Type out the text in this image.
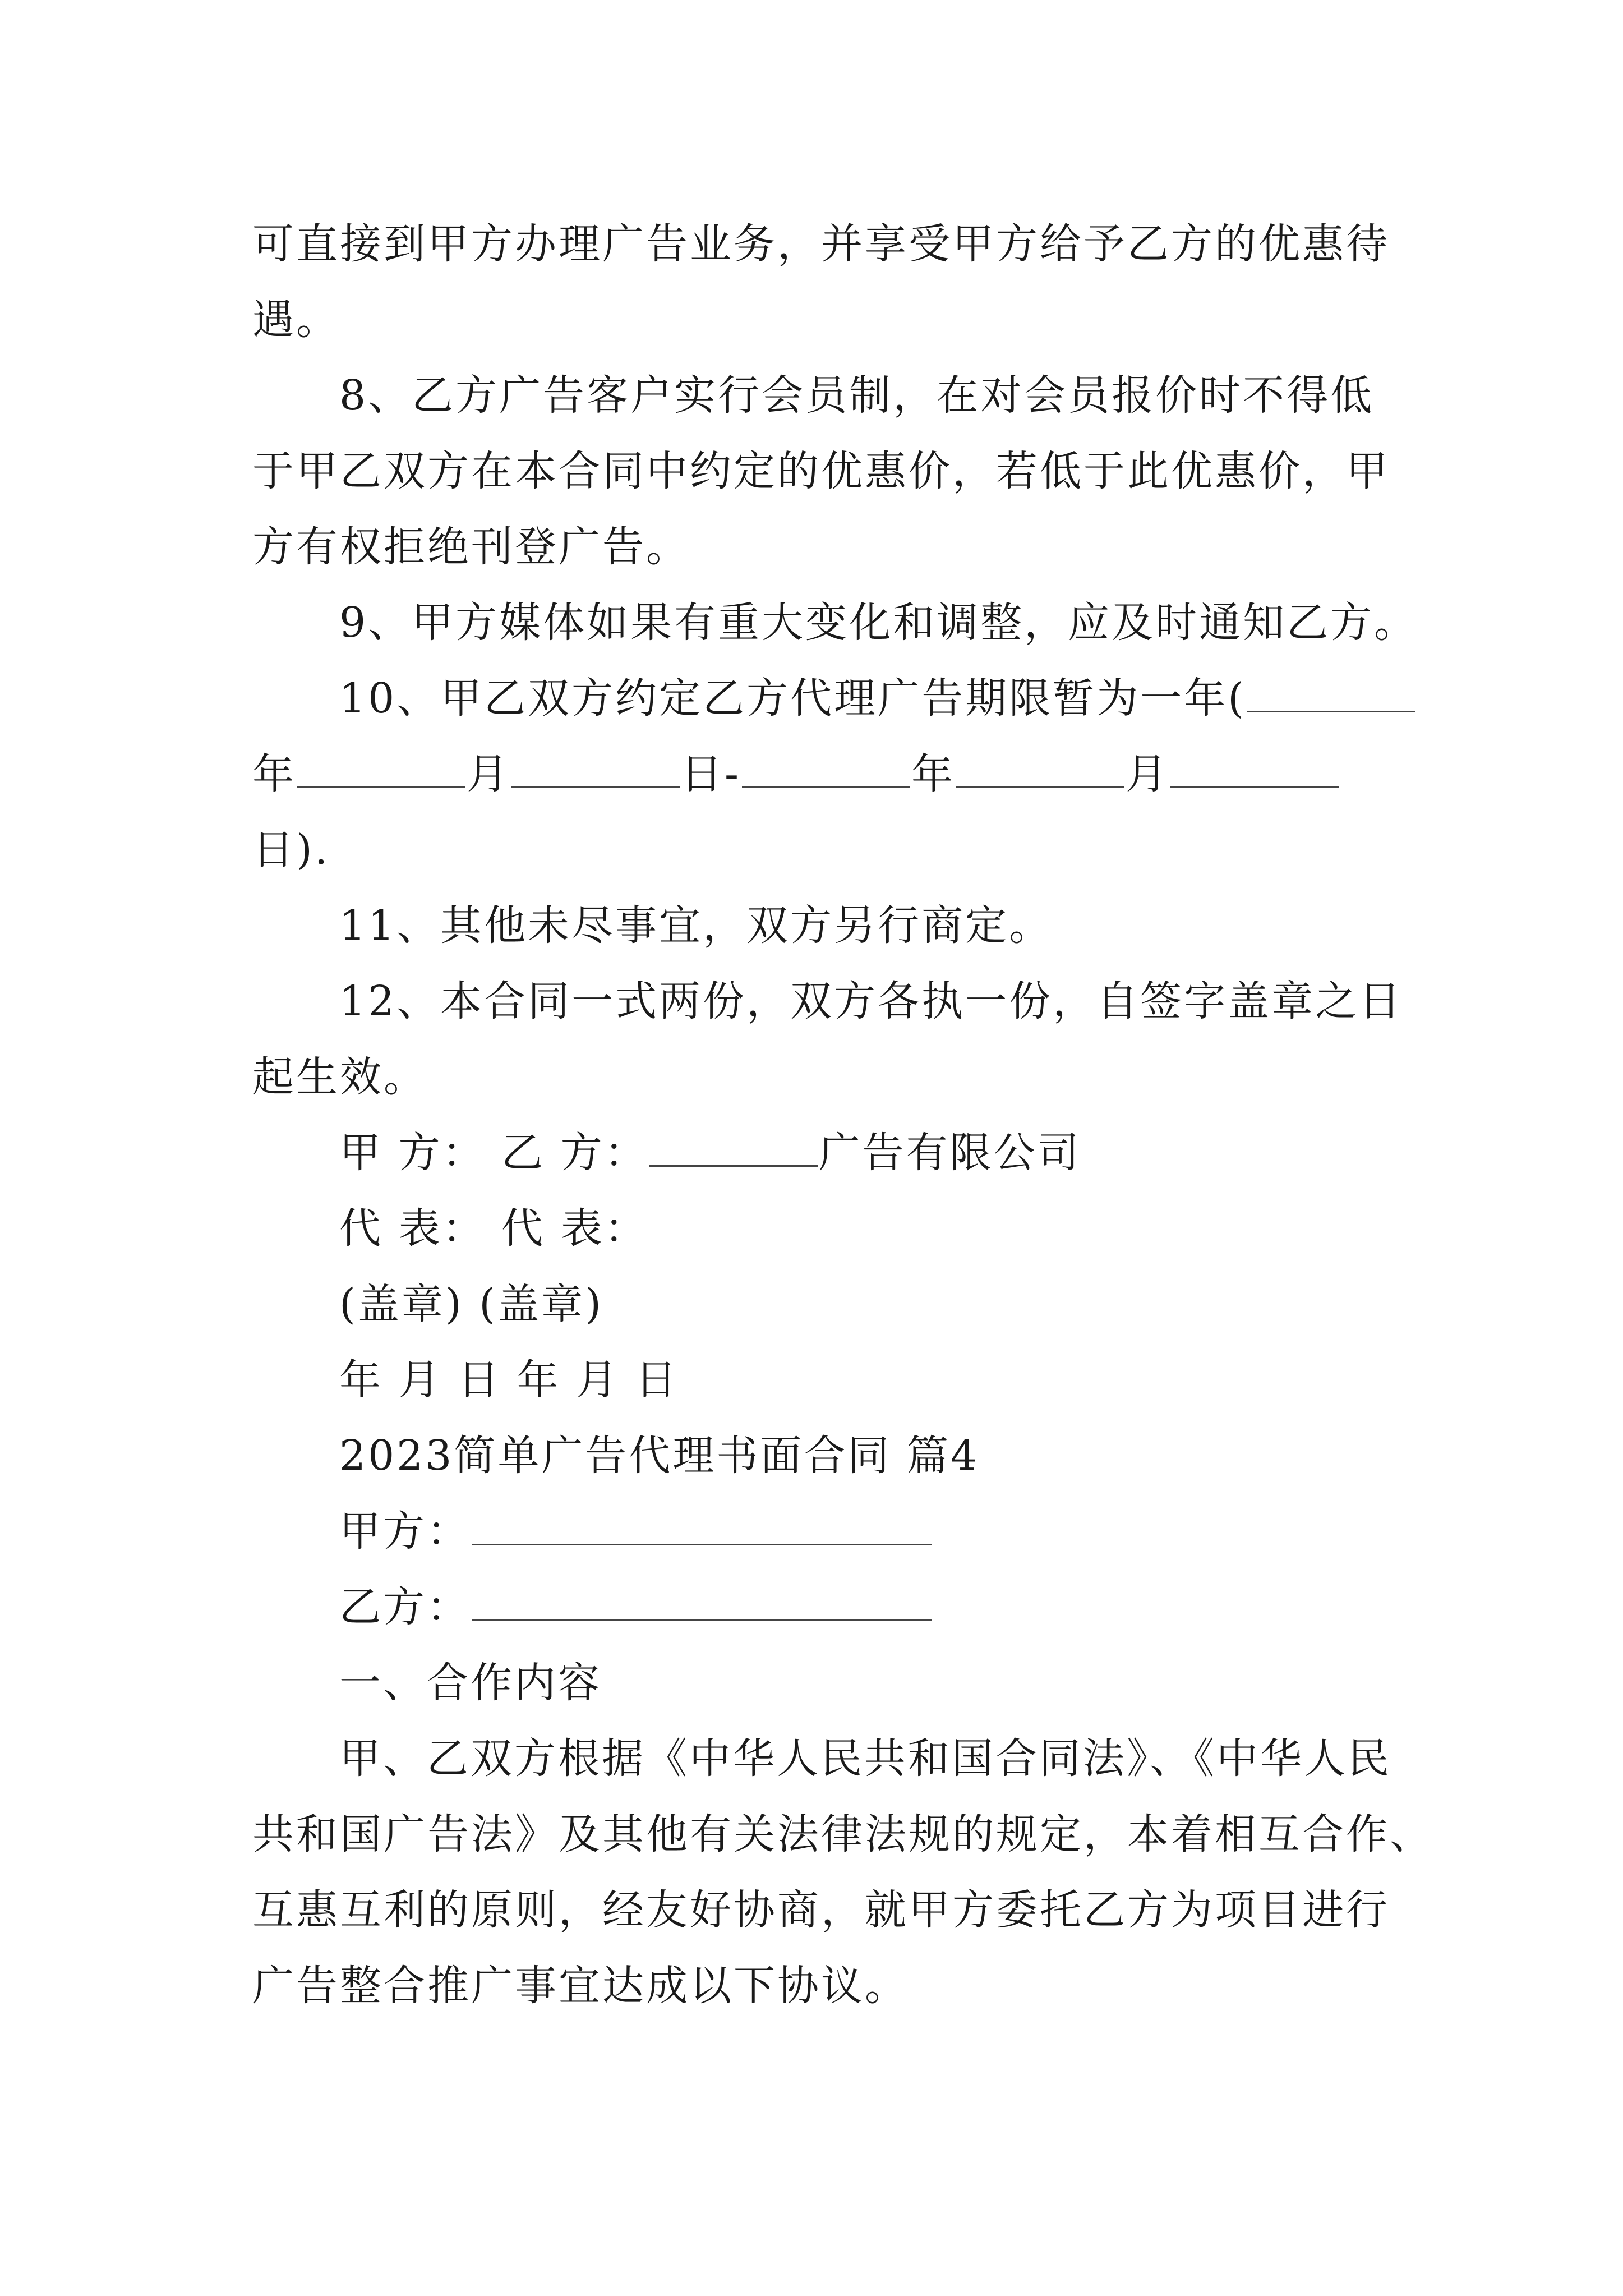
可直接到甲方办理广告业务，并享受甲方给予乙方的优惠待
遇。
8、乙方广告客户实行会员制，在对会员报价时不得低
于甲乙双方在本合同中约定的优惠价，若低于此优惠价，甲
方有权拒绝刊登广告。
9、甲方媒体如果有重大变化和调整，应及时通知乙方。
10、甲乙双方约定乙方代理广告期限暂为一年(
年	月	日-	年	月
日).
11、其他未尽事宜，双方另行商定。
12、本合同一式两份，双方各执一份，自签字盖章之日
起生效。
甲 方： 乙 方：	广告有限公司
代 表： 代 表：
(盖章) (盖章)
年 月 日 年 月 日
2023简单广告代理书面合同 篇4
甲方：
乙方：
一、合作内容
甲、乙双方根据《中华人民共和国合同法》、《中华人民
共和国广告法》及其他有关法律法规的规定，本着相互合作、
互惠互利的原则，经友好协商，就甲方委托乙方为项目进行
广告整合推广事宜达成以下协议。
